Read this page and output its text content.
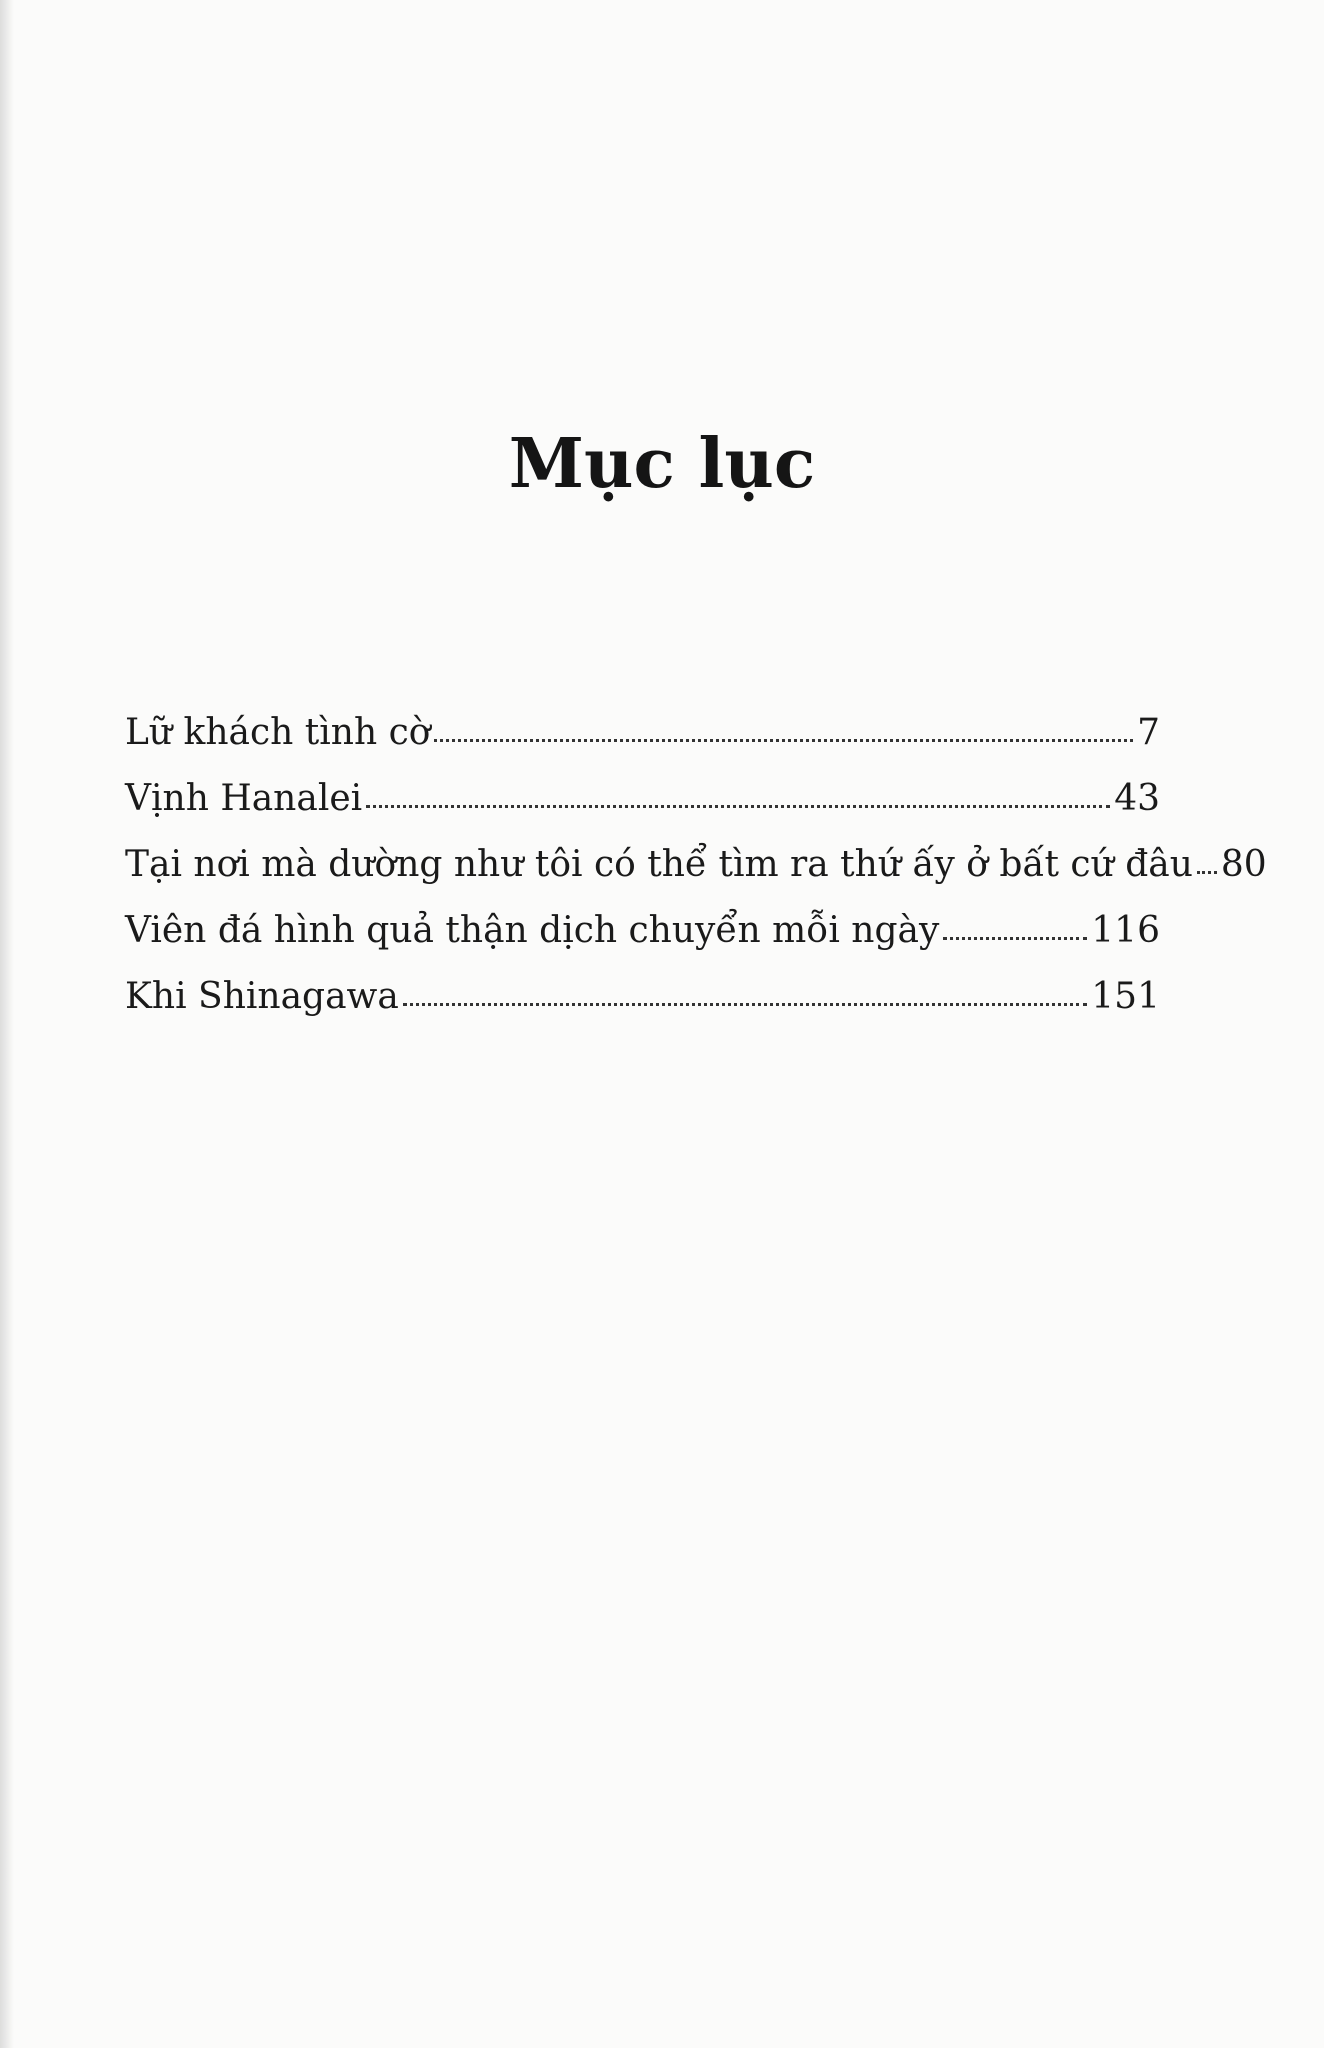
Mục lục
Lữ khách tình cờ	7
Vịnh Hanalei	43
Tại nơi mà dường như tôi có thể tìm ra thứ ấy ở bất cứ đâu 80
Viên đá hình quả thận dịch chuyển mỗi ngày	116
Khi Shinagawa	151
